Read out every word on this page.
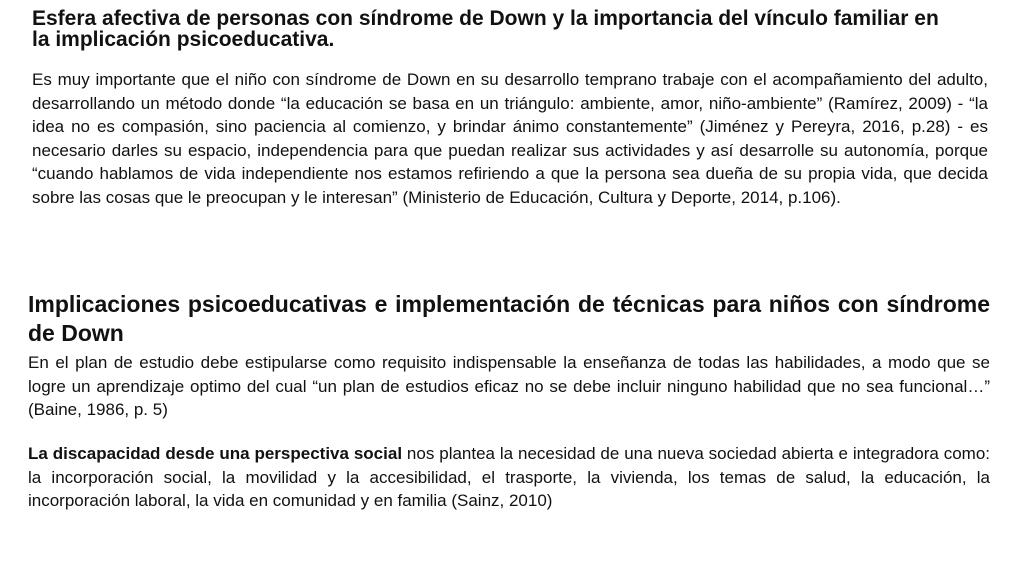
Esfera afectiva de personas con síndrome de Down y la importancia del vínculo familiar en la implicación psicoeducativa.
Es muy importante que el niño con síndrome de Down en su desarrollo temprano trabaje con el acompañamiento del adulto, desarrollando un método donde “la educación se basa en un triángulo: ambiente, amor, niño-ambiente” (Ramírez, 2009) - “la idea no es compasión, sino paciencia al comienzo, y brindar ánimo constantemente” (Jiménez y Pereyra, 2016, p.28) - es necesario darles su espacio, independencia para que puedan realizar sus actividades y así desarrolle su autonomía, porque “cuando hablamos de vida independiente nos estamos refiriendo a que la persona sea dueña de su propia vida, que decida sobre las cosas que le preocupan y le interesan” (Ministerio de Educación, Cultura y Deporte, 2014, p.106).
Implicaciones psicoeducativas e implementación de técnicas para niños con síndrome de Down
En el plan de estudio debe estipularse como requisito indispensable la enseñanza de todas las habilidades, a modo que se logre un aprendizaje optimo del cual “un plan de estudios eficaz no se debe incluir ninguno habilidad que no sea funcional…” (Baine, 1986, p. 5)
La discapacidad desde una perspectiva social nos plantea la necesidad de una nueva sociedad abierta e integradora como: la incorporación social, la movilidad y la accesibilidad, el trasporte, la vivienda, los temas de salud, la educación, la incorporación laboral, la vida en comunidad y en familia (Sainz, 2010)
